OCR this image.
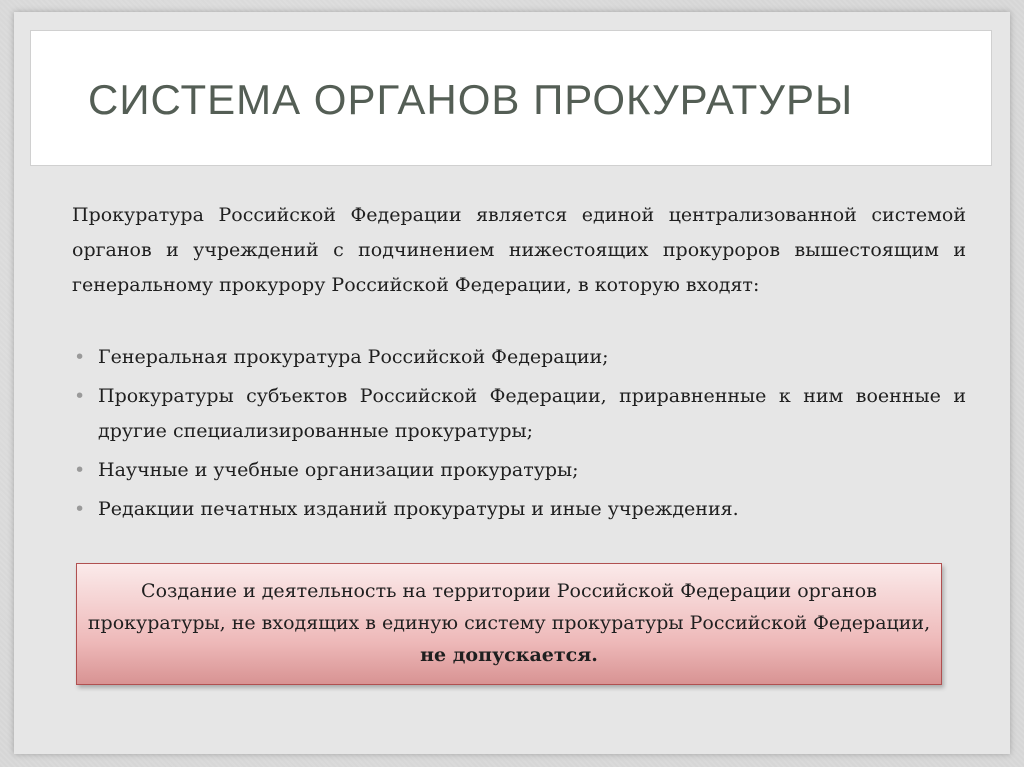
СИСТЕМА ОРГАНОВ ПРОКУРАТУРЫ

Прокуратура Российской Федерации является единой централизованной системой органов и учреждений с подчинением нижестоящих прокуроров вышестоящим и генеральному прокурору Российской Федерации, в которую входят:

• Генеральная прокуратура Российской Федерации;
• Прокуратуры субъектов Российской Федерации, приравненные к ним военные и другие специализированные прокуратуры;
• Научные и учебные организации прокуратуры;
• Редакции печатных изданий прокуратуры и иные учреждения.
Создание и деятельность на территории Российской Федерации органов прокуратуры, не входящих в единую систему прокуратуры Российской Федерации, не допускается.
